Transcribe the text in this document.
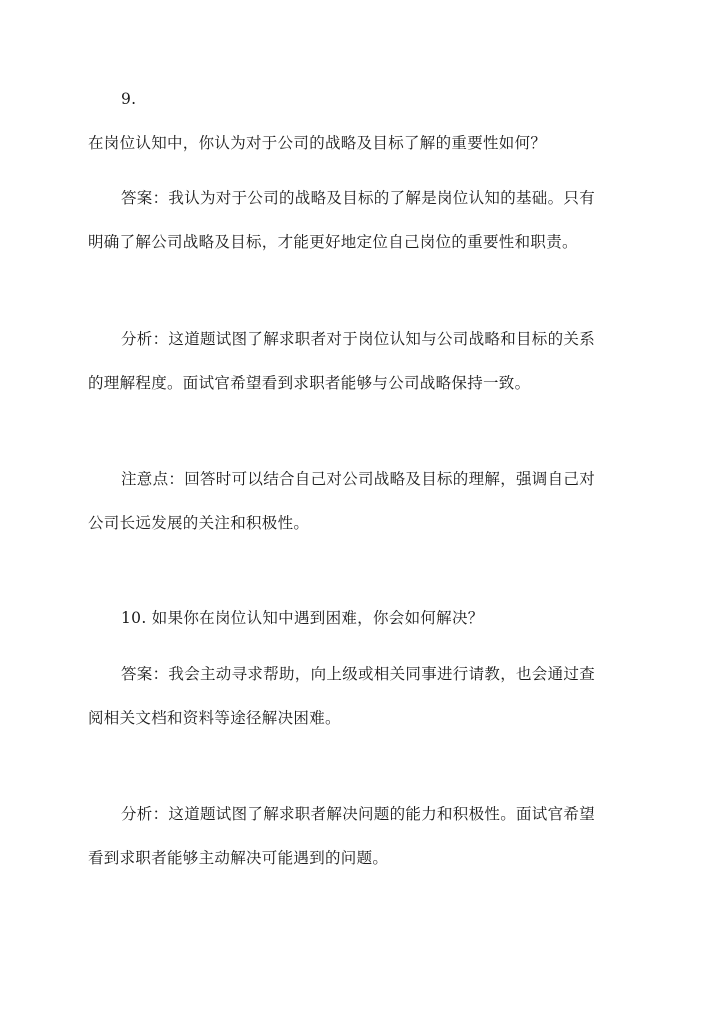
9.
在岗位认知中，你认为对于公司的战略及目标了解的重要性如何？
答案：我认为对于公司的战略及目标的了解是岗位认知的基础。只有
明确了解公司战略及目标，才能更好地定位自己岗位的重要性和职责。
分析：这道题试图了解求职者对于岗位认知与公司战略和目标的关系
的理解程度。面试官希望看到求职者能够与公司战略保持一致。
注意点：回答时可以结合自己对公司战略及目标的理解，强调自己对
公司长远发展的关注和积极性。
10. 如果你在岗位认知中遇到困难，你会如何解决？
答案：我会主动寻求帮助，向上级或相关同事进行请教，也会通过查
阅相关文档和资料等途径解决困难。
分析：这道题试图了解求职者解决问题的能力和积极性。面试官希望
看到求职者能够主动解决可能遇到的问题。
